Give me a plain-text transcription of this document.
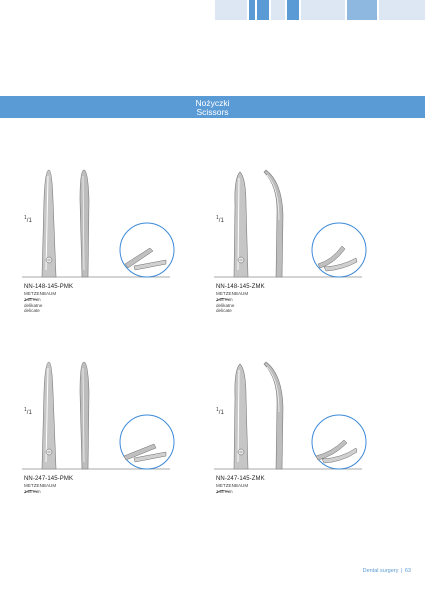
Nożyczki
Scissors
$^1$/1
NN-148-145-PMK
METZENBAUM
145 mm
delikatne
delicate
$^1$/1
NN-148-145-ZMK
METZENBAUM
145 mm
delikatne
delicate
$^1$/1
NN-247-145-PMK
METZENBAUM
145 mm
$^1$/1
NN-247-145-ZMK
METZENBAUM
145 mm
Dental surgery | 63
